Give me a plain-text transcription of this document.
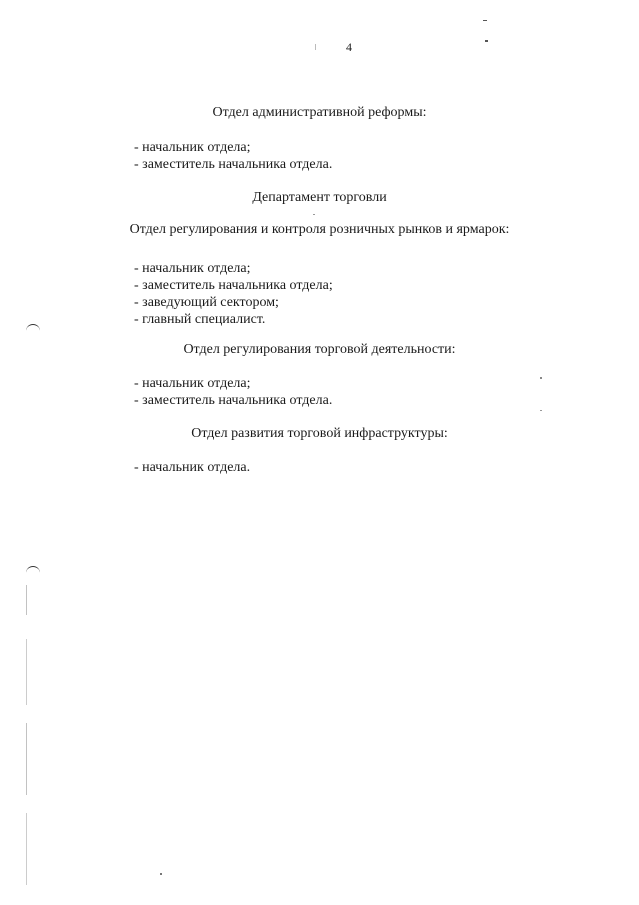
4
Отдел административной реформы:
- начальник отдела;
- заместитель начальника отдела.
Департамент торговли
Отдел регулирования и контроля розничных рынков и ярмарок:
- начальник отдела;
- заместитель начальника отдела;
- заведующий сектором;
- главный специалист.
Отдел регулирования торговой деятельности:
- начальник отдела;
- заместитель начальника отдела.
Отдел развития торговой инфраструктуры:
- начальник отдела.
